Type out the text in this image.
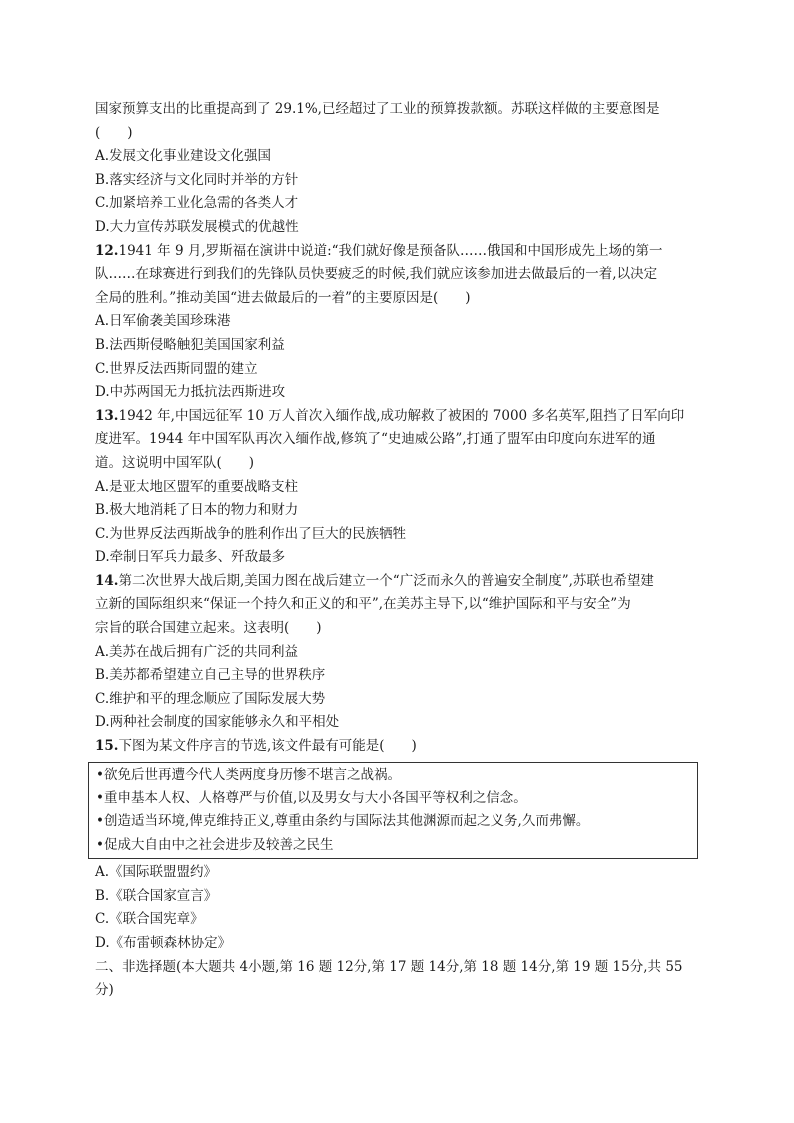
国家预算支出的比重提高到了 29.1%,已经超过了工业的预算拨款额。苏联这样做的主要意图是
(　　)
A.发展文化事业建设文化强国
B.落实经济与文化同时并举的方针
C.加紧培养工业化急需的各类人才
D.大力宣传苏联发展模式的优越性
12.1941 年 9 月,罗斯福在演讲中说道:“我们就好像是预备队……俄国和中国形成先上场的第一
队……在球赛进行到我们的先锋队员快要疲乏的时候,我们就应该参加进去做最后的一着,以决定
全局的胜利。”推动美国“进去做最后的一着”的主要原因是(　　)
A.日军偷袭美国珍珠港
B.法西斯侵略触犯美国国家利益
C.世界反法西斯同盟的建立
D.中苏两国无力抵抗法西斯进攻
13.1942 年,中国远征军 10 万人首次入缅作战,成功解救了被困的 7000 多名英军,阻挡了日军向印
度进军。1944 年中国军队再次入缅作战,修筑了“史迪威公路”,打通了盟军由印度向东进军的通
道。这说明中国军队(　　)
A.是亚太地区盟军的重要战略支柱
B.极大地消耗了日本的物力和财力
C.为世界反法西斯战争的胜利作出了巨大的民族牺牲
D.牵制日军兵力最多、歼敌最多
14.第二次世界大战后期,美国力图在战后建立一个“广泛而永久的普遍安全制度”,苏联也希望建
立新的国际组织来“保证一个持久和正义的和平”,在美苏主导下,以“维护国际和平与安全”为
宗旨的联合国建立起来。这表明(　　)
A.美苏在战后拥有广泛的共同利益
B.美苏都希望建立自己主导的世界秩序
C.维护和平的理念顺应了国际发展大势
D.两种社会制度的国家能够永久和平相处
15.下图为某文件序言的节选,该文件最有可能是(　　)
•欲免后世再遭今代人类两度身历惨不堪言之战祸。
•重申基本人权、人格尊严与价值,以及男女与大小各国平等权利之信念。
•创造适当环境,俾克维持正义,尊重由条约与国际法其他渊源而起之义务,久而弗懈。
•促成大自由中之社会进步及较善之民生
A.《国际联盟盟约》
B.《联合国家宣言》
C.《联合国宪章》
D.《布雷顿森林协定》
二、非选择题(本大题共 4小题,第 16 题 12分,第 17 题 14分,第 18 题 14分,第 19 题 15分,共 55
分)
